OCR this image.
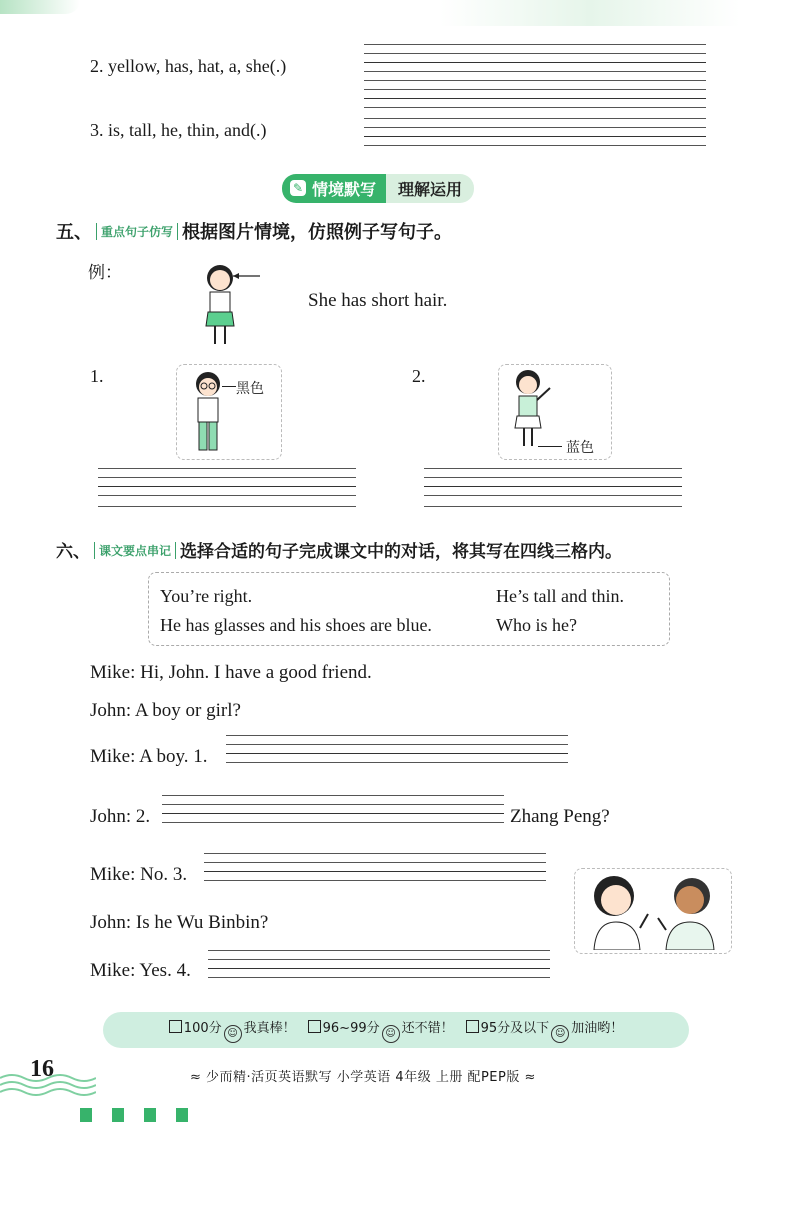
2. yellow, has, hat, a, she(.)
3. is, tall, he, thin, and(.)
✎ 情境默写	理解运用
五、 重点句子仿写 根据图片情境，仿照例子写句子。
例：
She has short hair.
1.
黑色
2.
蓝色
六、 课文要点串记 选择合适的句子完成课文中的对话，将其写在四线三格内。
You’re right.	He’s tall and thin.
He has glasses and his shoes are blue.	Who is he?
Mike: Hi, John. I have a good friend.
John: A boy or girl?
Mike: A boy. 1.
John: 2.	Zhang Peng?
Mike: No. 3.
John: Is he Wu Binbin?
Mike: Yes. 4.
100分 ☺ 我真棒！	96~99分 ☺ 还不错！	95分及以下 ☺ 加油哟！
16	≈ 少而精·活页英语默写 小学英语 4年级 上册 配PEP版 ≈
